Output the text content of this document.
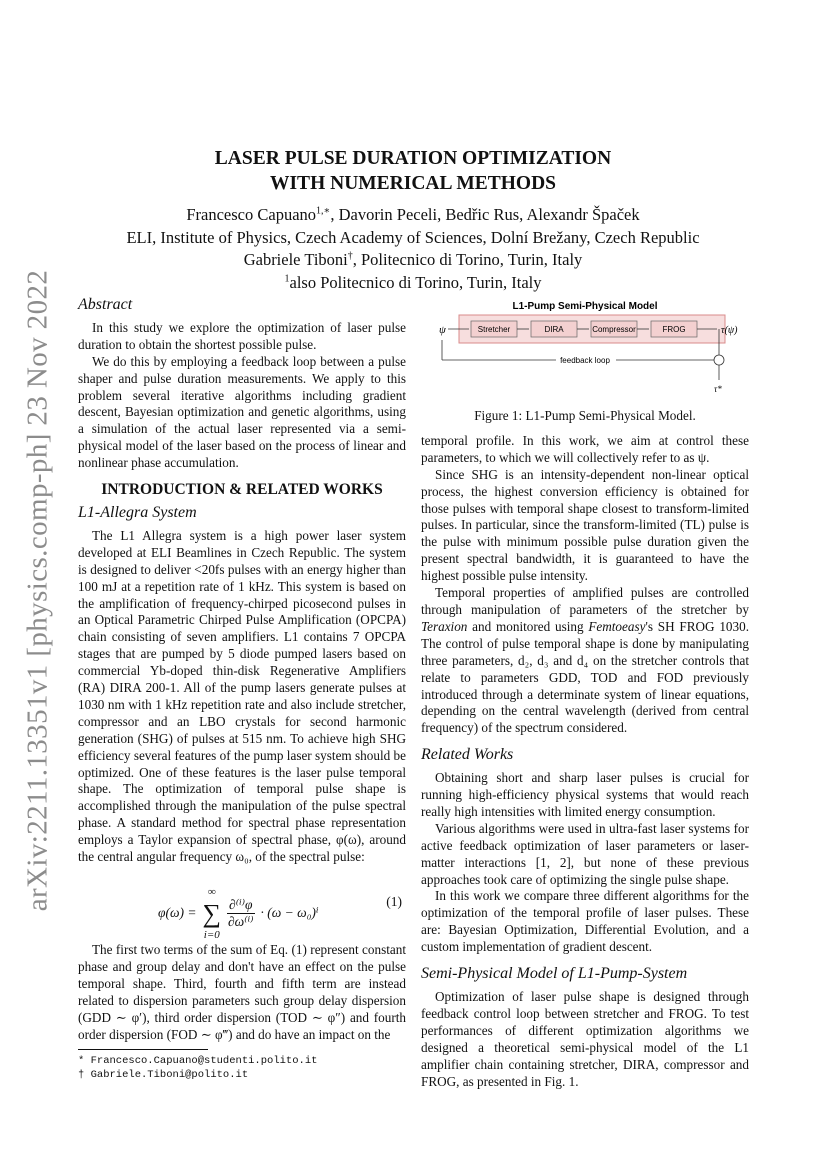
arXiv:2211.13351v1 [physics.comp-ph] 23 Nov 2022
LASER PULSE DURATION OPTIMIZATION
WITH NUMERICAL METHODS
Francesco Capuano$^{1,∗}$, Davorin Peceli, Bedřic Rus, Alexandr Špaček
ELI, Institute of Physics, Czech Academy of Sciences, Dolní Brežany, Czech Republic
Gabriele Tiboni†, Politecnico di Torino, Turin, Italy
$^1$also Politecnico di Torino, Turin, Italy
Abstract

In this study we explore the optimization of laser pulse duration to obtain the shortest possible pulse.

We do this by employing a feedback loop between a pulse shaper and pulse duration measurements. We apply to this problem several iterative algorithms including gradient descent, Bayesian optimization and genetic algorithms, using a simulation of the actual laser represented via a semi-physical model of the laser based on the process of linear and nonlinear phase accumulation.

INTRODUCTION & RELATED WORKS
L1-Allegra System

The L1 Allegra system is a high power laser system developed at ELI Beamlines in Czech Republic. The system is designed to deliver <20fs pulses with an energy higher than 100 mJ at a repetition rate of 1 kHz. This system is based on the amplification of frequency-chirped picosecond pulses in an Optical Parametric Chirped Pulse Amplification (OPCPA) chain consisting of seven amplifiers. L1 contains 7 OPCPA stages that are pumped by 5 diode pumped lasers based on commercial Yb-doped thin-disk Regenerative Amplifiers (RA) DIRA 200-1. All of the pump lasers generate pulses at 1030 nm with 1 kHz repetition rate and also include stretcher, compressor and an LBO crystals for second harmonic generation (SHG) of pulses at 515 nm. To achieve high SHG efficiency several features of the pump laser system should be optimized. One of these features is the laser pulse temporal shape. The optimization of temporal pulse shape is accomplished through the manipulation of the pulse spectral phase. A standard method for spectral phase representation employs a Taylor expansion of spectral phase, φ(ω), around the central angular frequency ω₀, of the spectral pulse:

φ(ω) =
∞
∑
i=0
$\frac{\text{∂⁽ⁱ⁾φ}}{\text{∂ω⁽ⁱ⁾}} \cdot (\omega - \omega_0)^i$
(1)

The first two terms of the sum of Eq. (1) represent constant phase and group delay and don't have an effect on the pulse temporal shape. Third, fourth and fifth term are instead related to dispersion parameters such group delay dispersion (GDD ∼ φ′), third order dispersion (TOD ∼ φ″) and fourth order dispersion (FOD ∼ φ‴) and do have an impact on the

* Francesco.Capuano@studenti.polito.it
† Gabriele.Tiboni@polito.it
L1-Pump Semi-Physical Model
ψ	Stretcher	DIRA	Compressor	FROG	τ(ψ)
τ*
feedback loop

Figure 1: L1-Pump Semi-Physical Model.

temporal profile. In this work, we aim at control these parameters, to which we will collectively refer to as ψ.

Since SHG is an intensity-dependent non-linear optical process, the highest conversion efficiency is obtained for those pulses with temporal shape closest to transform-limited pulses. In particular, since the transform-limited (TL) pulse is the pulse with minimum possible pulse duration given the present spectral bandwidth, it is guaranteed to have the highest possible pulse intensity.

Temporal properties of amplified pulses are controlled through manipulation of parameters of the stretcher by Teraxion and monitored using Femtoeasy's SH FROG 1030. The control of pulse temporal shape is done by manipulating three parameters, d₂, d₃ and d₄ on the stretcher controls that relate to parameters GDD, TOD and FOD previously introduced through a determinate system of linear equations, depending on the central wavelength (derived from central frequency) of the spectrum considered.

Related Works

Obtaining short and sharp laser pulses is crucial for running high-efficiency physical systems that would reach really high intensities with limited energy consumption.

Various algorithms were used in ultra-fast laser systems for active feedback optimization of laser parameters or laser-matter interactions [1, 2], but none of these previous approaches took care of optimizing the single pulse shape.

In this work we compare three different algorithms for the optimization of the temporal profile of laser pulses. These are: Bayesian Optimization, Differential Evolution, and a custom implementation of gradient descent.

Semi-Physical Model of L1-Pump-System

Optimization of laser pulse shape is designed through feedback control loop between stretcher and FROG. To test performances of different optimization algorithms we designed a theoretical semi-physical model of the L1 amplifier chain containing stretcher, DIRA, compressor and FROG, as presented in Fig. 1.
